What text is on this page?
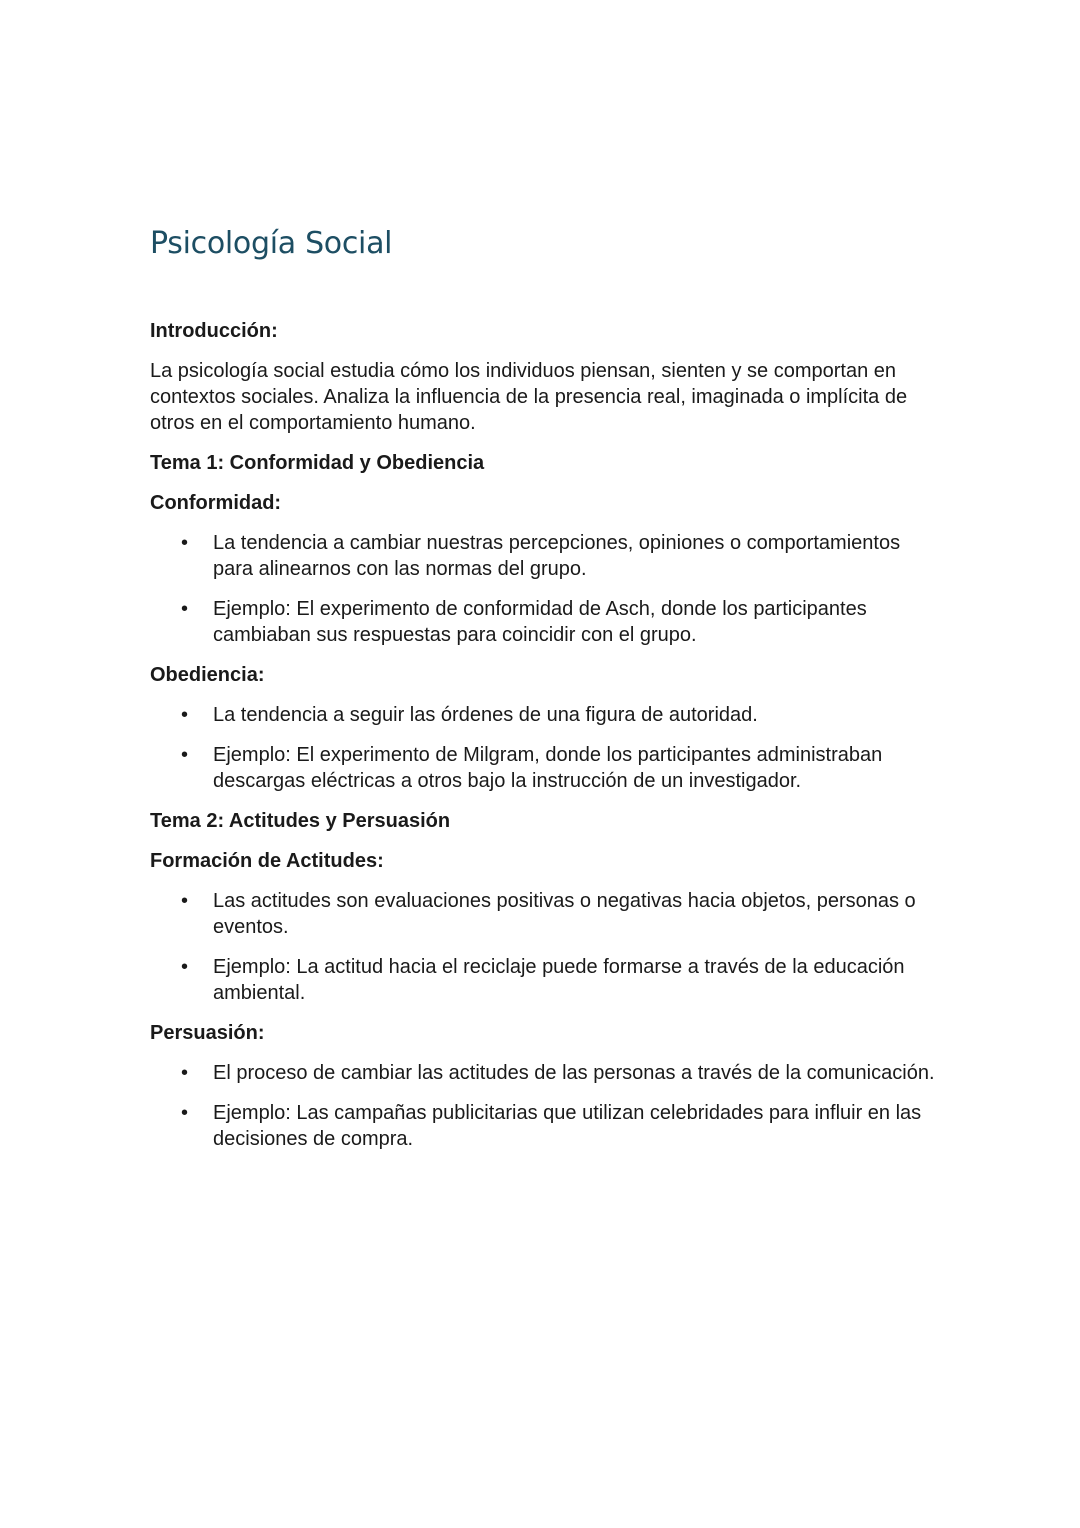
Psicología Social
Introducción:

La psicología social estudia cómo los individuos piensan, sienten y se comportan en contextos sociales. Analiza la influencia de la presencia real, imaginada o implícita de otros en el comportamiento humano.

Tema 1: Conformidad y Obediencia
Conformidad:
• La tendencia a cambiar nuestras percepciones, opiniones o comportamientos para alinearnos con las normas del grupo.
• Ejemplo: El experimento de conformidad de Asch, donde los participantes cambiaban sus respuestas para coincidir con el grupo.
Obediencia:
• La tendencia a seguir las órdenes de una figura de autoridad.
• Ejemplo: El experimento de Milgram, donde los participantes administraban descargas eléctricas a otros bajo la instrucción de un investigador.
Tema 2: Actitudes y Persuasión
Formación de Actitudes:
• Las actitudes son evaluaciones positivas o negativas hacia objetos, personas o eventos.
• Ejemplo: La actitud hacia el reciclaje puede formarse a través de la educación ambiental.
Persuasión:
• El proceso de cambiar las actitudes de las personas a través de la comunicación.
• Ejemplo: Las campañas publicitarias que utilizan celebridades para influir en las decisiones de compra.
